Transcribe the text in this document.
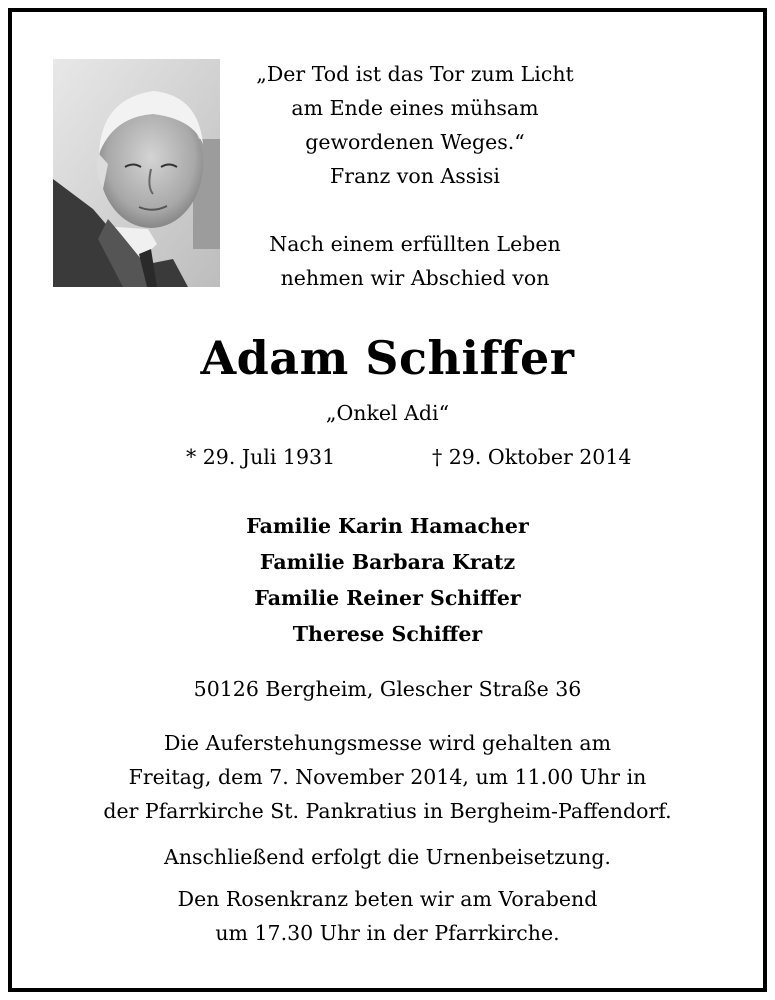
„Der Tod ist das Tor zum Licht
am Ende eines mühsam
gewordenen Weges.“
Franz von Assisi
Nach einem erfüllten Leben
nehmen wir Abschied von
Adam Schiffer
„Onkel Adi“
* 29. Juli 1931	† 29. Oktober 2014
Familie Karin Hamacher
Familie Barbara Kratz
Familie Reiner Schiffer
Therese Schiffer
50126 Bergheim, Glescher Straße 36
Die Auferstehungsmesse wird gehalten am
Freitag, dem 7. November 2014, um 11.00 Uhr in
der Pfarrkirche St. Pankratius in Bergheim-Paffendorf.
Anschließend erfolgt die Urnenbeisetzung.
Den Rosenkranz beten wir am Vorabend
um 17.30 Uhr in der Pfarrkirche.
